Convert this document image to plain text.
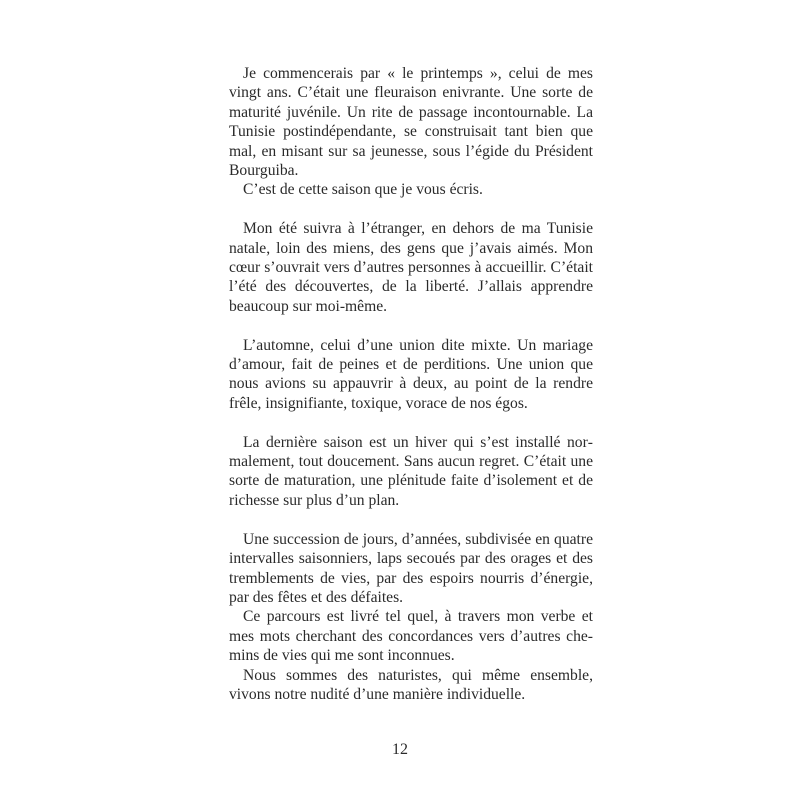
Je commencerais par « le printemps », celui de mes vingt ans. C’était une fleuraison enivrante. Une sorte de maturité juvénile. Un rite de passage incontournable. La Tunisie postindépendante, se construisait tant bien que mal, en misant sur sa jeunesse, sous l’égide du Président Bourguiba.

C’est de cette saison que je vous écris.

Mon été suivra à l’étranger, en dehors de ma Tunisie natale, loin des miens, des gens que j’avais aimés. Mon cœur s’ouvrait vers d’autres personnes à accueillir. C’était l’été des découvertes, de la liberté. J’allais apprendre beaucoup sur moi-même.

L’automne, celui d’une union dite mixte. Un mariage d’amour, fait de peines et de perditions. Une union que nous avions su appauvrir à deux, au point de la rendre frêle, insignifiante, toxique, vorace de nos égos.

La dernière saison est un hiver qui s’est installé normalement, tout doucement. Sans aucun regret. C’était une sorte de maturation, une plénitude faite d’isolement et de richesse sur plus d’un plan.

Une succession de jours, d’années, subdivisée en quatre intervalles saisonniers, laps secoués par des orages et des tremblements de vies, par des espoirs nourris d’énergie, par des fêtes et des défaites.

Ce parcours est livré tel quel, à travers mon verbe et mes mots cherchant des concordances vers d’autres chemins de vies qui me sont inconnues.

Nous sommes des naturistes, qui même ensemble, vivons notre nudité d’une manière individuelle.

12
